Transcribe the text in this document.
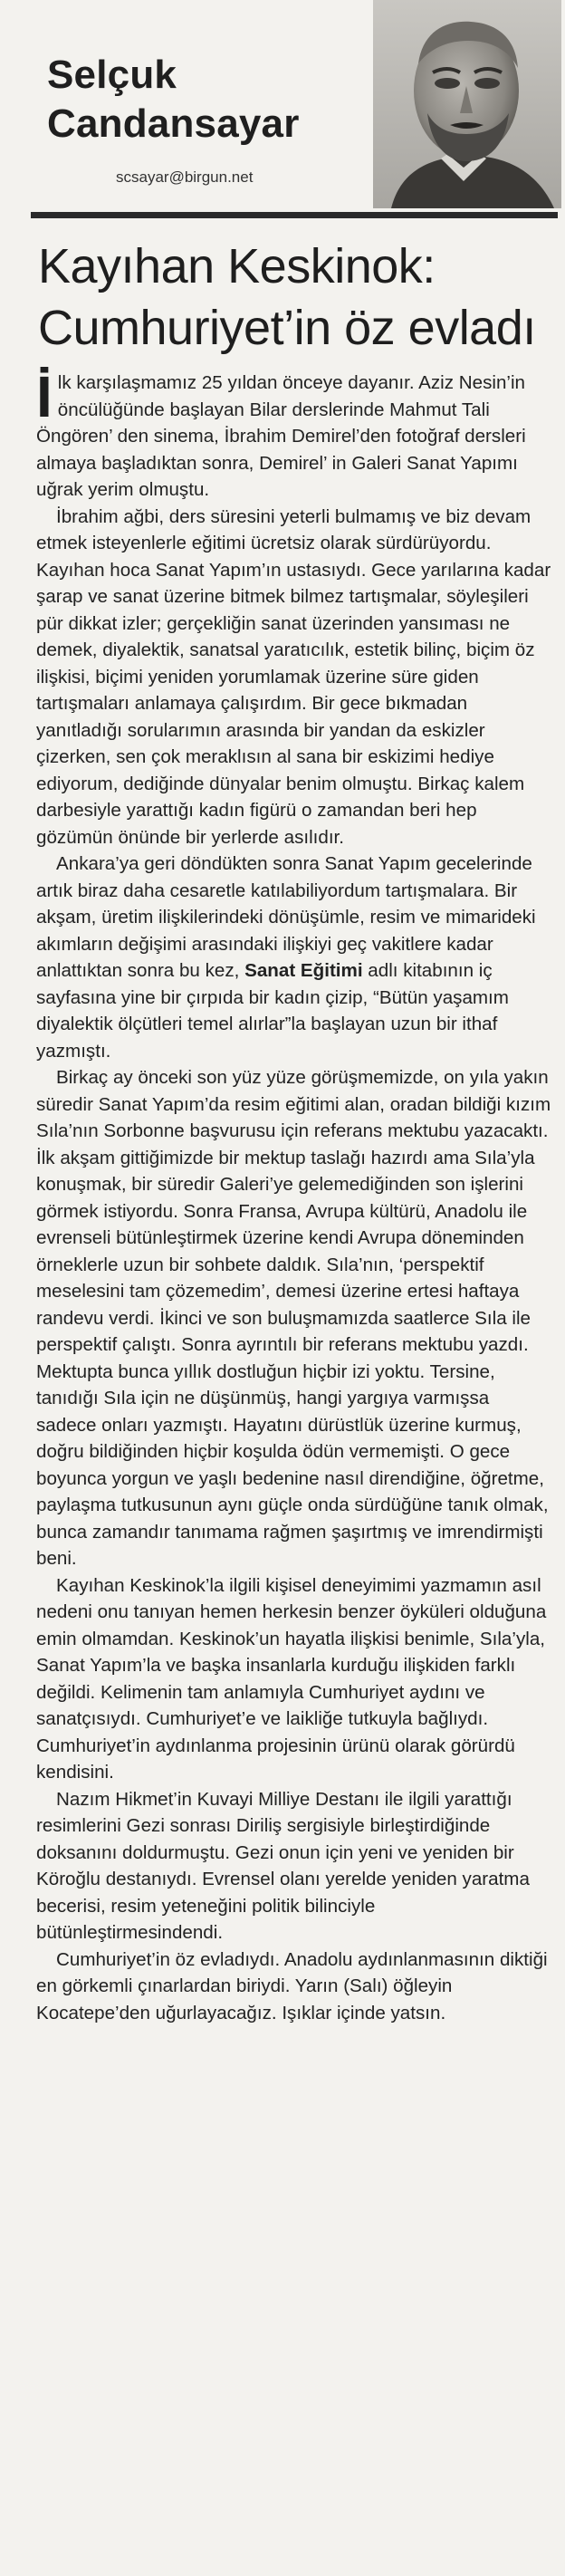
Selçuk
Candansayar
scsayar@birgun.net
Kayıhan Keskinok:
Cumhuriyet’in öz evladı

İlk karşılaşmamız 25 yıldan önceye dayanır. Aziz Nesin’in öncülüğünde başlayan Bilar derslerinde Mahmut Tali Öngören’ den sinema, İbrahim Demirel’den fotoğraf dersleri almaya başladıktan sonra, Demirel’ in Galeri Sanat Yapımı uğrak yerim olmuştu.

İbrahim ağbi, ders süresini yeterli bulmamış ve biz devam etmek isteyenlerle eğitimi ücretsiz olarak sürdürüyordu. Kayıhan hoca Sanat Yapım’ın ustasıydı. Gece yarılarına kadar şarap ve sanat üzerine bitmek bilmez tartışmalar, söyleşileri pür dikkat izler; gerçekliğin sanat üzerinden yansıması ne demek, diyalektik, sanatsal yaratıcılık, estetik bilinç, biçim öz ilişkisi, biçimi yeniden yorumlamak üzerine süre giden tartışmaları anlamaya çalışırdım. Bir gece bıkmadan yanıtladığı sorularımın arasında bir yandan da eskizler çizerken, sen çok meraklısın al sana bir eskizimi hediye ediyorum, dediğinde dünyalar benim olmuştu. Birkaç kalem darbesiyle yarattığı kadın figürü o zamandan beri hep gözümün önünde bir yerlerde asılıdır.

Ankara’ya geri döndükten sonra Sanat Yapım gecelerinde artık biraz daha cesaretle katılabiliyordum tartışmalara. Bir akşam, üretim ilişkilerindeki dönüşümle, resim ve mimarideki akımların değişimi arasındaki ilişkiyi geç vakitlere kadar anlattıktan sonra bu kez, Sanat Eğitimi adlı kitabının iç sayfasına yine bir çırpıda bir kadın çizip, “Bütün yaşamım diyalektik ölçütleri temel alırlar”la başlayan uzun bir ithaf yazmıştı.

Birkaç ay önceki son yüz yüze görüşmemizde, on yıla yakın süredir Sanat Yapım’da resim eğitimi alan, oradan bildiği kızım Sıla’nın Sorbonne başvurusu için referans mektubu yazacaktı. İlk akşam gittiğimizde bir mektup taslağı hazırdı ama Sıla’yla konuşmak, bir süredir Galeri’ye gelemediğinden son işlerini görmek istiyordu. Sonra Fransa, Avrupa kültürü, Anadolu ile evrenseli bütünleştirmek üzerine kendi Avrupa döneminden örneklerle uzun bir sohbete daldık. Sıla’nın, ‘perspektif meselesini tam çözemedim’, demesi üzerine ertesi haftaya randevu verdi. İkinci ve son buluşmamızda saatlerce Sıla ile perspektif çalıştı. Sonra ayrıntılı bir referans mektubu yazdı. Mektupta bunca yıllık dostluğun hiçbir izi yoktu. Tersine, tanıdığı Sıla için ne düşünmüş, hangi yargıya varmışsa sadece onları yazmıştı. Hayatını dürüstlük üzerine kurmuş, doğru bildiğinden hiçbir koşulda ödün vermemişti. O gece boyunca yorgun ve yaşlı bedenine nasıl direndiğine, öğretme, paylaşma tutkusunun aynı güçle onda sürdüğüne tanık olmak, bunca zamandır tanımama rağmen şaşırtmış ve imrendirmişti beni.

Kayıhan Keskinok’la ilgili kişisel deneyimimi yazmamın asıl nedeni onu tanıyan hemen herkesin benzer öyküleri olduğuna emin olmamdan. Keskinok’un hayatla ilişkisi benimle, Sıla’yla, Sanat Yapım’la ve başka insanlarla kurduğu ilişkiden farklı değildi. Kelimenin tam anlamıyla Cumhuriyet aydını ve sanatçısıydı. Cumhuriyet’e ve laikliğe tutkuyla bağlıydı. Cumhuriyet’in aydınlanma projesinin ürünü olarak görürdü kendisini.

Nazım Hikmet’in Kuvayi Milliye Destanı ile ilgili yarattığı resimlerini Gezi sonrası Diriliş sergisiyle birleştirdiğinde doksanını doldurmuştu. Gezi onun için yeni ve yeniden bir Köroğlu destanıydı. Evrensel olanı yerelde yeniden yaratma becerisi, resim yeteneğini politik bilinciyle bütünleştirmesindendi.

Cumhuriyet’in öz evladıydı. Anadolu aydınlanmasının diktiği en görkemli çınarlardan biriydi. Yarın (Salı) öğleyin Kocatepe’den uğurlayacağız. Işıklar içinde yatsın.
